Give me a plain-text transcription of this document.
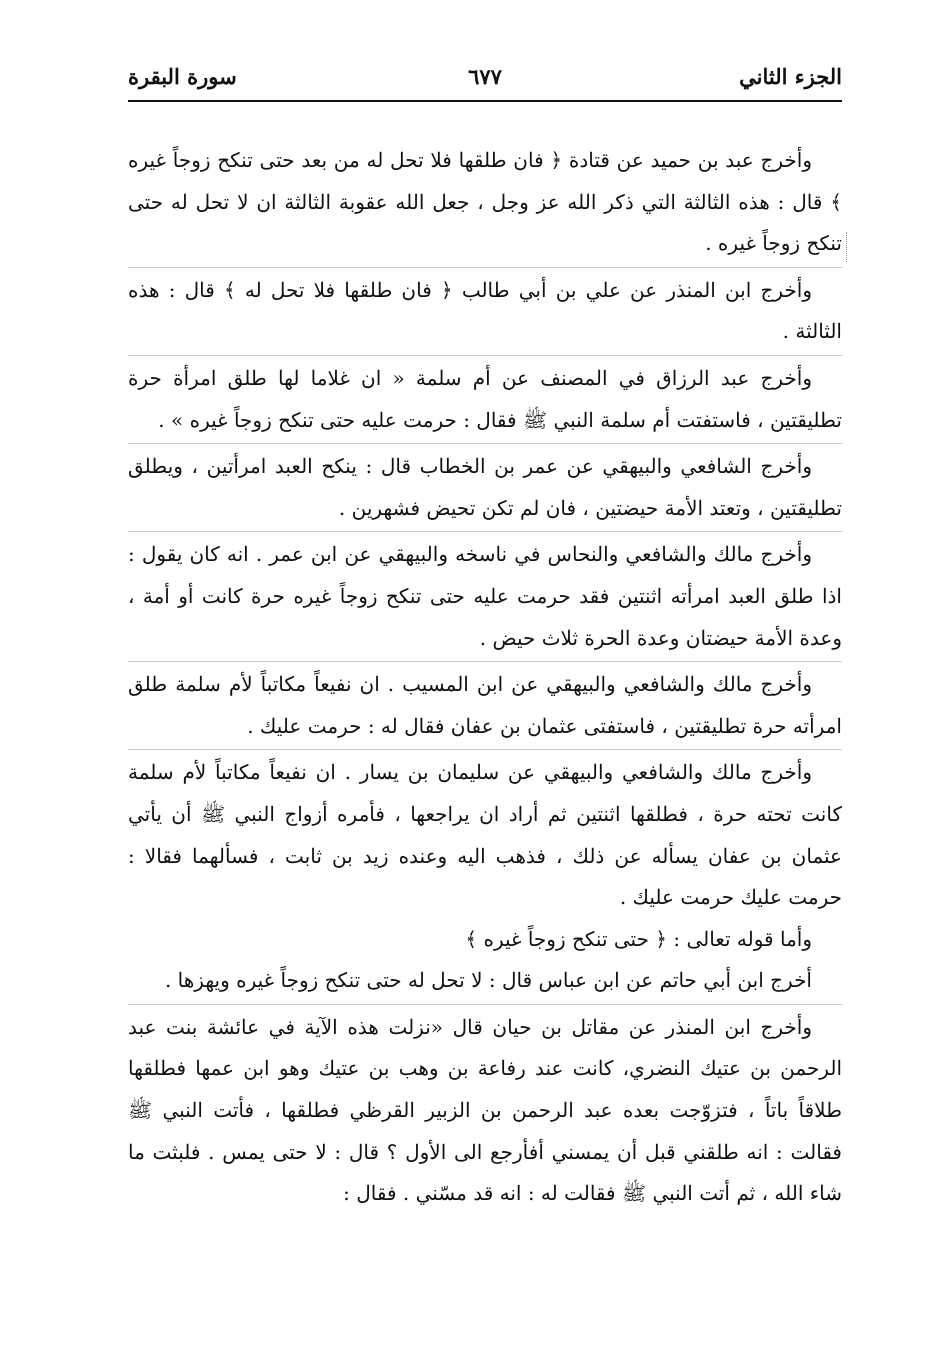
الجزء الثاني
٦٧٧
سورة البقرة

وأخرج عبد بن حميد عن قتادة ﴿ فان طلقها فلا تحل له من بعد حتى تنكح زوجاً غيره ﴾ قال : هذه الثالثة التي ذكر الله عز وجل ، جعل الله عقوبة الثالثة ان لا تحل له حتى تنكح زوجاً غيره .

وأخرج ابن المنذر عن علي بن أبي طالب ﴿ فان طلقها فلا تحل له ﴾ قال : هذه الثالثة .

وأخرج عبد الرزاق في المصنف عن أم سلمة « ان غلاما لها طلق امرأة حرة تطليقتين ، فاستفتت أم سلمة النبي ﷺ فقال : حرمت عليه حتى تنكح زوجاً غيره » .

وأخرج الشافعي والبيهقي عن عمر بن الخطاب قال : ينكح العبد امرأتين ، ويطلق تطليقتين ، وتعتد الأمة حيضتين ، فان لم تكن تحيض فشهرين .

وأخرج مالك والشافعي والنحاس في ناسخه والبيهقي عن ابن عمر . انه كان يقول : اذا طلق العبد امرأته اثنتين فقد حرمت عليه حتى تنكح زوجاً غيره حرة كانت أو أمة ، وعدة الأمة حيضتان وعدة الحرة ثلاث حيض .

وأخرج مالك والشافعي والبيهقي عن ابن المسيب . ان نفيعاً مكاتباً لأم سلمة طلق امرأته حرة تطليقتين ، فاستفتى عثمان بن عفان فقال له : حرمت عليك .

وأخرج مالك والشافعي والبيهقي عن سليمان بن يسار . ان نفيعاً مكاتباً لأم سلمة كانت تحته حرة ، فطلقها اثنتين ثم أراد ان يراجعها ، فأمره أزواج النبي ﷺ أن يأتي عثمان بن عفان يسأله عن ذلك ، فذهب اليه وعنده زيد بن ثابت ، فسألهما فقالا : حرمت عليك حرمت عليك .

وأما قوله تعالى : ﴿ حتى تنكح زوجاً غيره ﴾

أخرج ابن أبي حاتم عن ابن عباس قال : لا تحل له حتى تنكح زوجاً غيره ويهزها .

وأخرج ابن المنذر عن مقاتل بن حيان قال «نزلت هذه الآية في عائشة بنت عبد الرحمن بن عتيك النضري، كانت عند رفاعة بن وهب بن عتيك وهو ابن عمها فطلقها طلاقاً باتاً ، فتزوّجت بعده عبد الرحمن بن الزبير القرظي فطلقها ، فأتت النبي ﷺ فقالت : انه طلقني قبل أن يمسني أفأرجع الى الأول ؟ قال : لا حتى يمس . فلبثت ما شاء الله ، ثم أتت النبي ﷺ فقالت له : انه قد مسّني . فقال :
